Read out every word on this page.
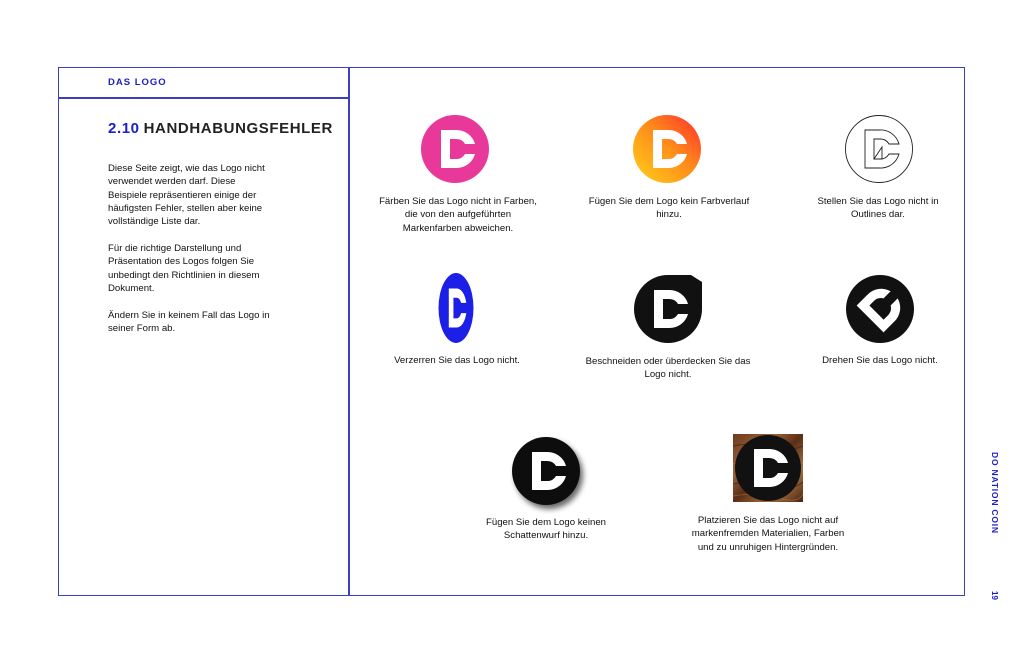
DAS LOGO
2.10 HANDHABUNGSFEHLER
Diese Seite zeigt, wie das Logo nicht
verwendet werden darf. Diese
Beispiele repräsentieren einige der
häufigsten Fehler, stellen aber keine
vollständige Liste dar.
Für die richtige Darstellung und
Präsentation des Logos folgen Sie
unbedingt den Richtlinien in diesem
Dokument.
Ändern Sie in keinem Fall das Logo in
seiner Form ab.
Färben Sie das Logo nicht in Farben,
die von den aufgeführten
Markenfarben abweichen.
Fügen Sie dem Logo kein Farbverlauf
hinzu.
Stellen Sie das Logo nicht in
Outlines dar.
Verzerren Sie das Logo nicht.	Beschneiden oder überdecken Sie das
Logo nicht.
Drehen Sie das Logo nicht.
Fügen Sie dem Logo keinen
Schattenwurf hinzu.
Platzieren Sie das Logo nicht auf
markenfremden Materialien, Farben
und zu unruhigen Hintergründen.
DO NATION COIN
19
